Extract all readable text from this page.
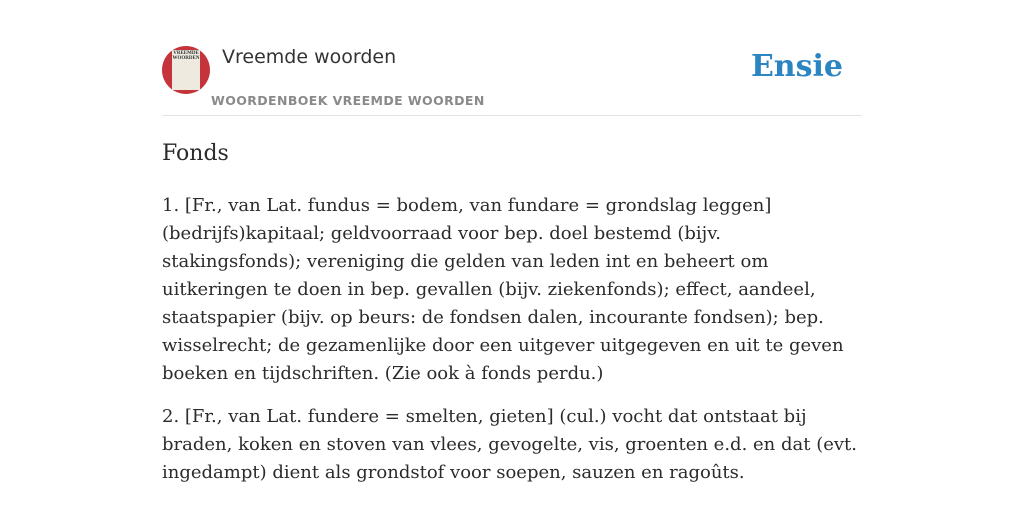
VREEMDE WOORDEN Vreemde woorden
WOORDENBOEK VREEMDE WOORDEN
Ensie
Fonds

1. [Fr., van Lat. fundus = bodem, van fundare = grondslag leggen] (bedrijfs)kapitaal; geldvoorraad voor bep. doel bestemd (bijv. stakingsfonds); vereniging die gelden van leden int en beheert om uitkeringen te doen in bep. gevallen (bijv. ziekenfonds); effect, aandeel, staatspapier (bijv. op beurs: de fondsen dalen, incourante fondsen); bep. wisselrecht; de gezamenlijke door een uitgever uitgegeven en uit te geven boeken en tijdschriften. (Zie ook à fonds perdu.)

2. [Fr., van Lat. fundere = smelten, gieten] (cul.) vocht dat ontstaat bij braden, koken en stoven van vlees, gevogelte, vis, groenten e.d. en dat (evt. ingedampt) dient als grondstof voor soepen, sauzen en ragoûts.
